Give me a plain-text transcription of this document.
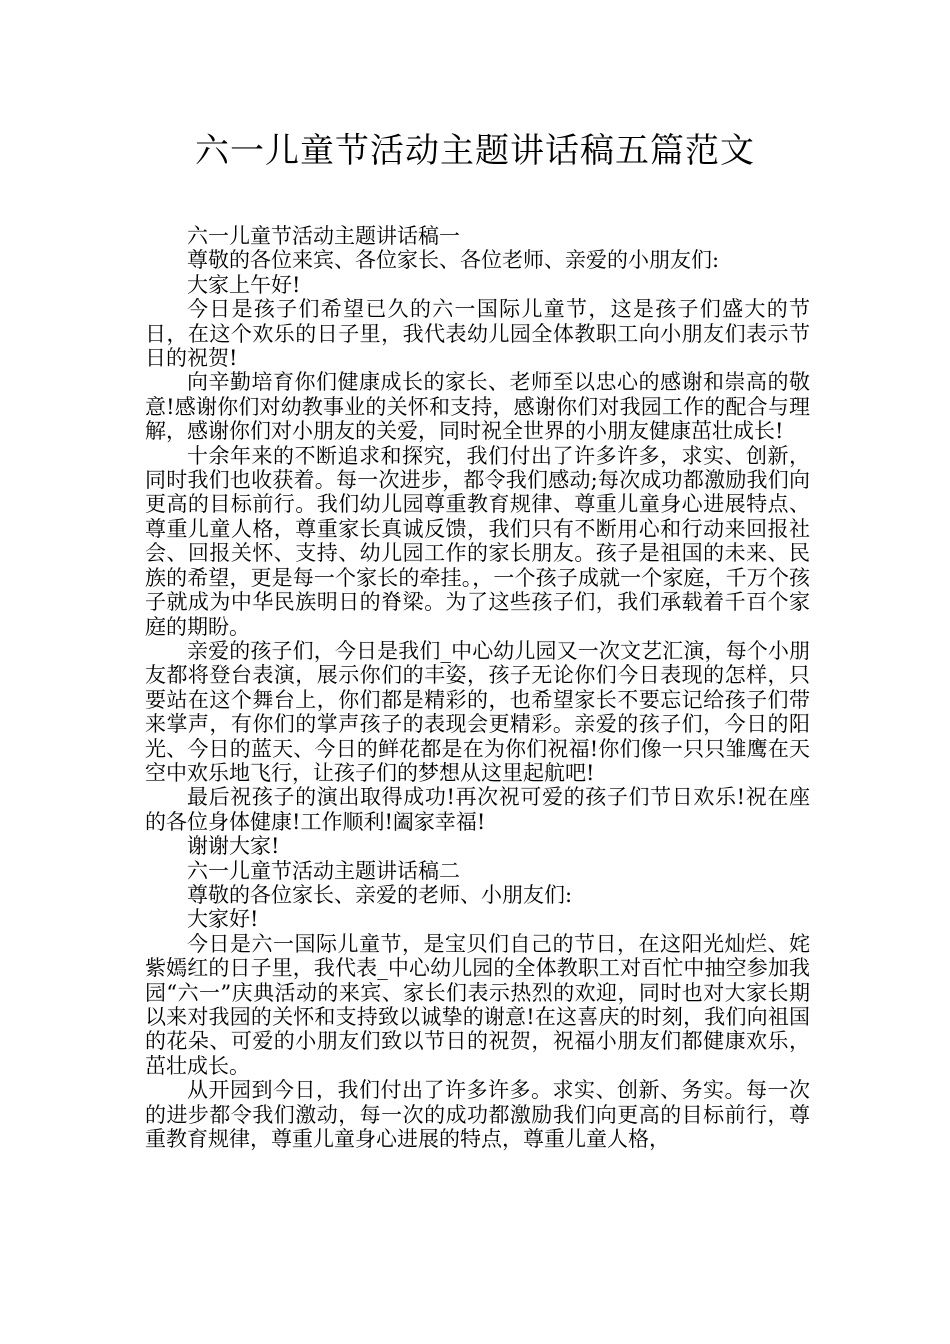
六一儿童节活动主题讲话稿五篇范文

六一儿童节活动主题讲话稿一

尊敬的各位来宾、各位家长、各位老师、亲爱的小朋友们:

大家上午好!

今日是孩子们希望已久的六一国际儿童节，这是孩子们盛大的节日，在这个欢乐的日子里，我代表幼儿园全体教职工向小朋友们表示节日的祝贺!

向辛勤培育你们健康成长的家长、老师至以忠心的感谢和崇高的敬意!感谢你们对幼教事业的关怀和支持，感谢你们对我园工作的配合与理解，感谢你们对小朋友的关爱，同时祝全世界的小朋友健康茁壮成长!

十余年来的不断追求和探究，我们付出了许多许多，求实、创新，同时我们也收获着。每一次进步，都令我们感动;每次成功都激励我们向更高的目标前行。我们幼儿园尊重教育规律、尊重儿童身心进展特点、尊重儿童人格，尊重家长真诚反馈，我们只有不断用心和行动来回报社会、回报关怀、支持、幼儿园工作的家长朋友。孩子是祖国的未来、民族的希望，更是每一个家长的牵挂。，一个孩子成就一个家庭，千万个孩子就成为中华民族明日的脊梁。为了这些孩子们，我们承载着千百个家庭的期盼。

亲爱的孩子们，今日是我们_中心幼儿园又一次文艺汇演，每个小朋友都将登台表演，展示你们的丰姿，孩子无论你们今日表现的怎样，只要站在这个舞台上，你们都是精彩的，也希望家长不要忘记给孩子们带来掌声，有你们的掌声孩子的表现会更精彩。亲爱的孩子们，今日的阳光、今日的蓝天、今日的鲜花都是在为你们祝福!你们像一只只雏鹰在天空中欢乐地飞行，让孩子们的梦想从这里起航吧!

最后祝孩子的演出取得成功!再次祝可爱的孩子们节日欢乐!祝在座的各位身体健康!工作顺利!阖家幸福!

谢谢大家!

六一儿童节活动主题讲话稿二

尊敬的各位家长、亲爱的老师、小朋友们:

大家好!

今日是六一国际儿童节，是宝贝们自己的节日，在这阳光灿烂、姹紫嫣红的日子里，我代表_中心幼儿园的全体教职工对百忙中抽空参加我园“六一”庆典活动的来宾、家长们表示热烈的欢迎，同时也对大家长期以来对我园的关怀和支持致以诚挚的谢意!在这喜庆的时刻，我们向祖国的花朵、可爱的小朋友们致以节日的祝贺，祝福小朋友们都健康欢乐，茁壮成长。

从开园到今日，我们付出了许多许多。求实、创新、务实。每一次的进步都令我们激动，每一次的成功都激励我们向更高的目标前行，尊重教育规律，尊重儿童身心进展的特点，尊重儿童人格，
